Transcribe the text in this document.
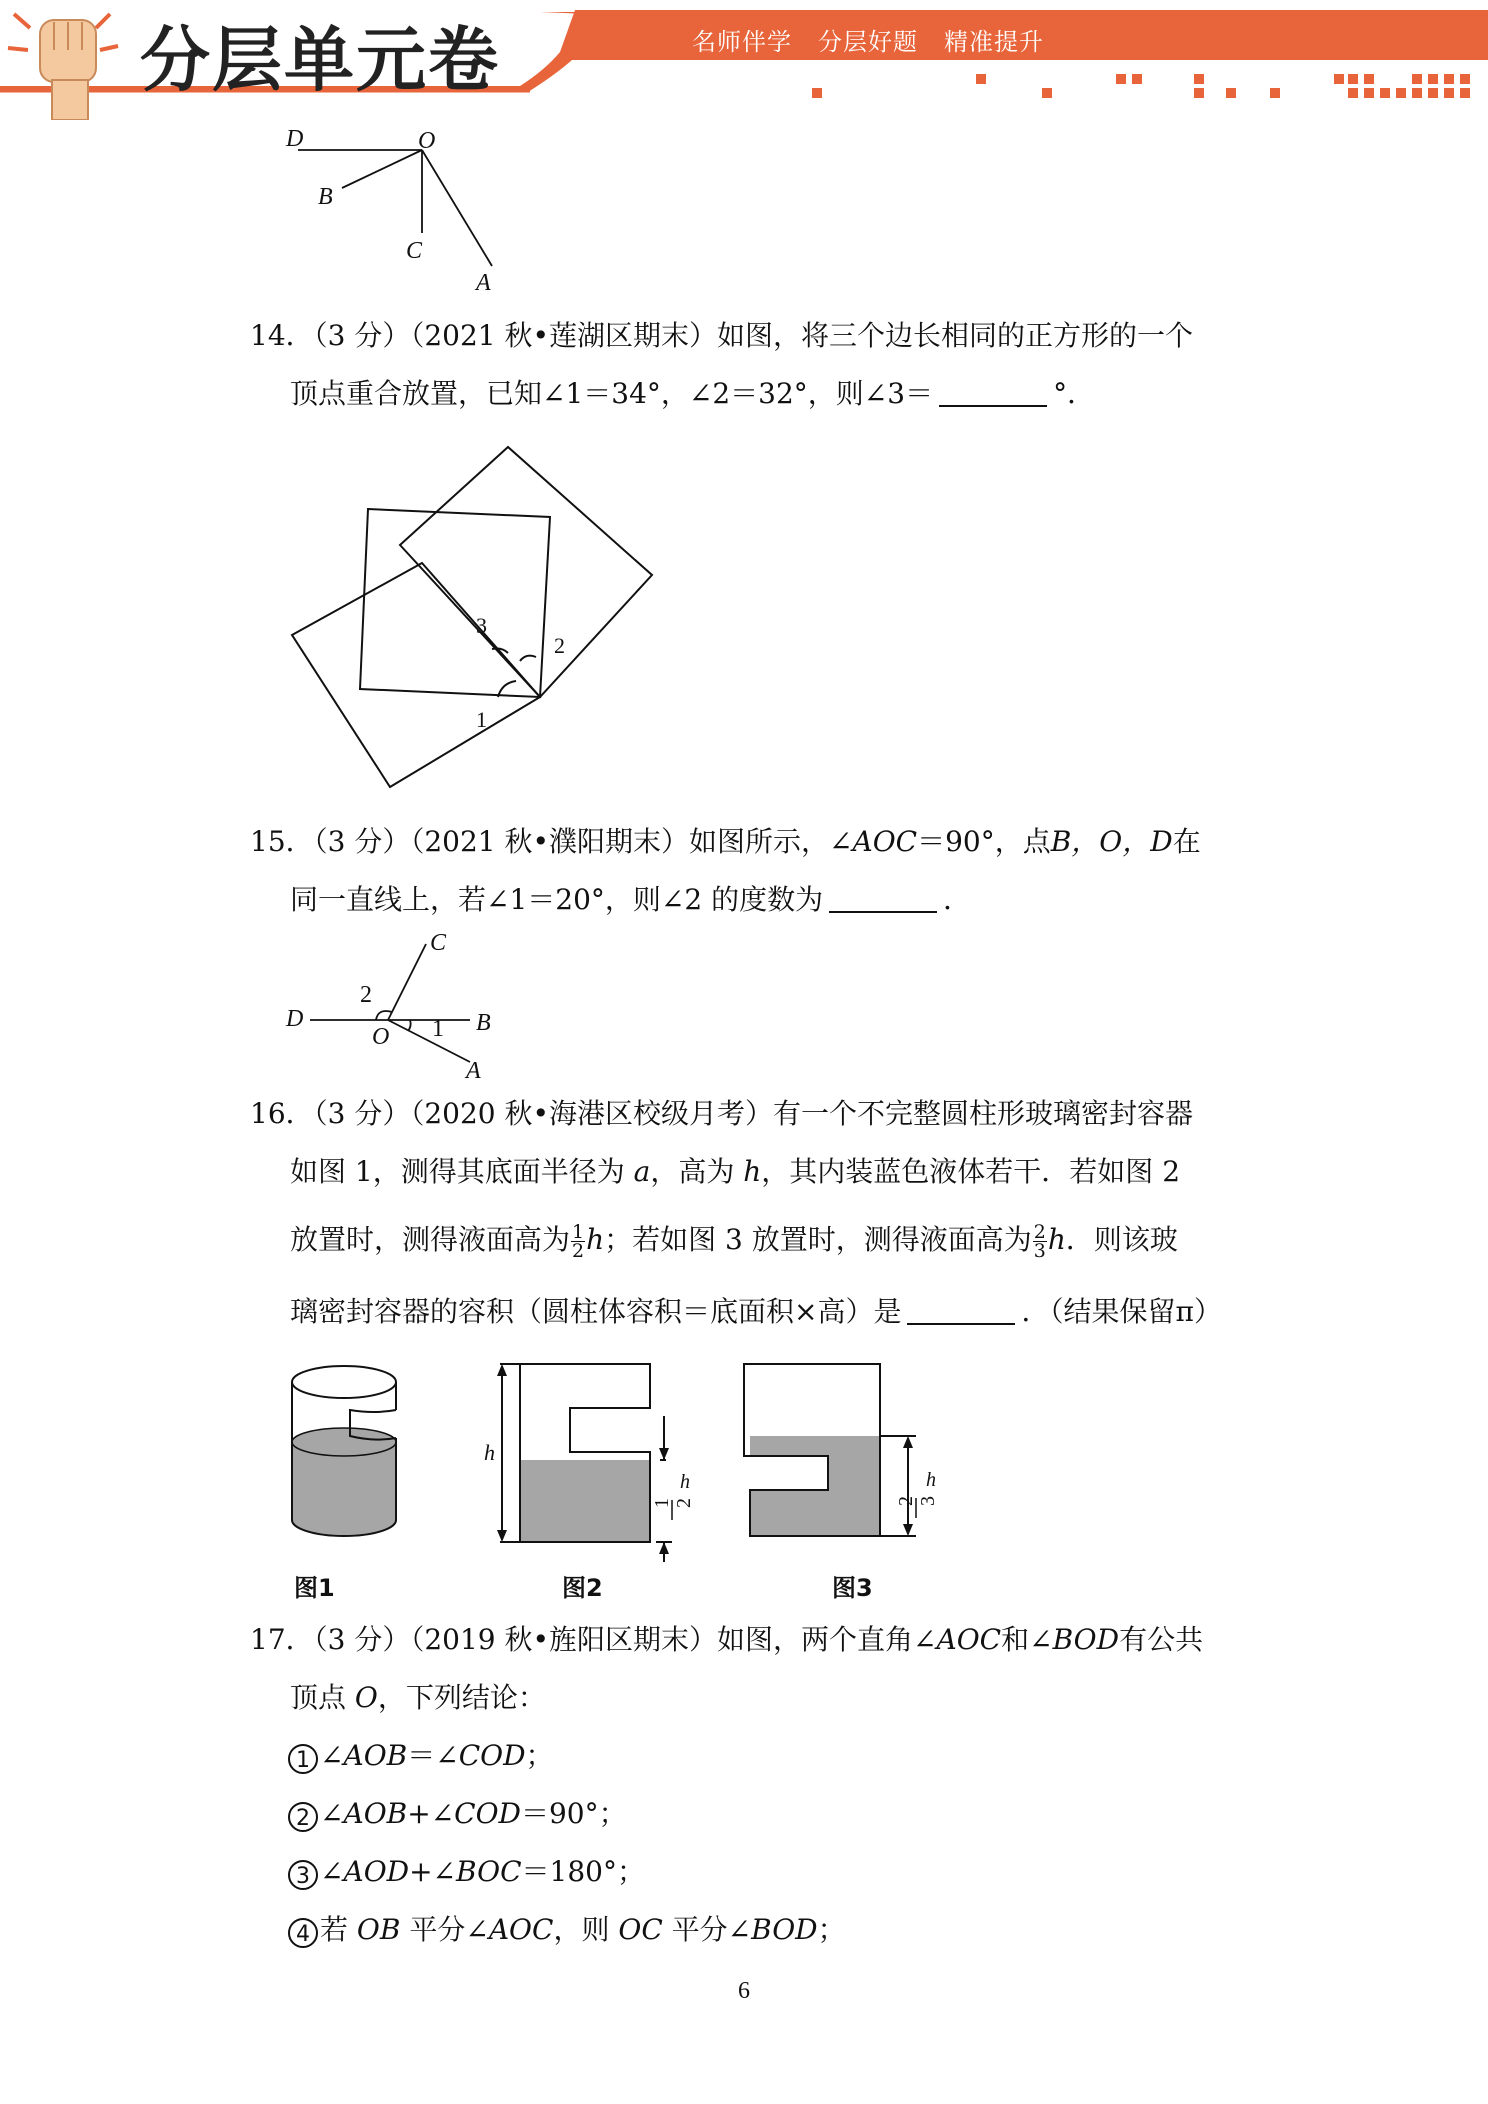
分层单元卷	名师伴学 分层好题 精准提升
D	O
B
C
A
14．（3 分）（2021 秋•莲湖区期末）如图，将三个边长相同的正方形的一个
顶点重合放置，已知∠1＝34°，∠2＝32°，则∠3＝	°．
3
2
1
15．（3 分）（2021 秋•濮阳期末）如图所示，∠AOC＝90°，点B，O，D在
同一直线上，若∠1＝20°，则∠2 的度数为	．
C
2
D
O 1 B
A
16．（3 分）（2020 秋•海港区校级月考）有一个不完整圆柱形玻璃密封容器
如图 1，测得其底面半径为 a，高为 h，其内装蓝色液体若干．若如图 2
放置时，测得液面高为 $\frac{1}{2}$ h；若如图 3 放置时，测得液面高为 $\frac{2}{3}$ h．则该玻
璃密封容器的容积（圆柱体容积＝底面积×高）是	．（结果保留π）
图1
h
1 2
h
图2
2 3
h
图3
17．（3 分）（2019 秋•旌阳区期末）如图，两个直角∠AOC和∠BOD有公共
顶点 O，下列结论：
1 ∠AOB＝∠COD；
2 ∠AOB+∠COD＝90°；
3 ∠AOD+∠BOC＝180°；
4 若 OB 平分∠AOC，则 OC 平分∠BOD；
6
